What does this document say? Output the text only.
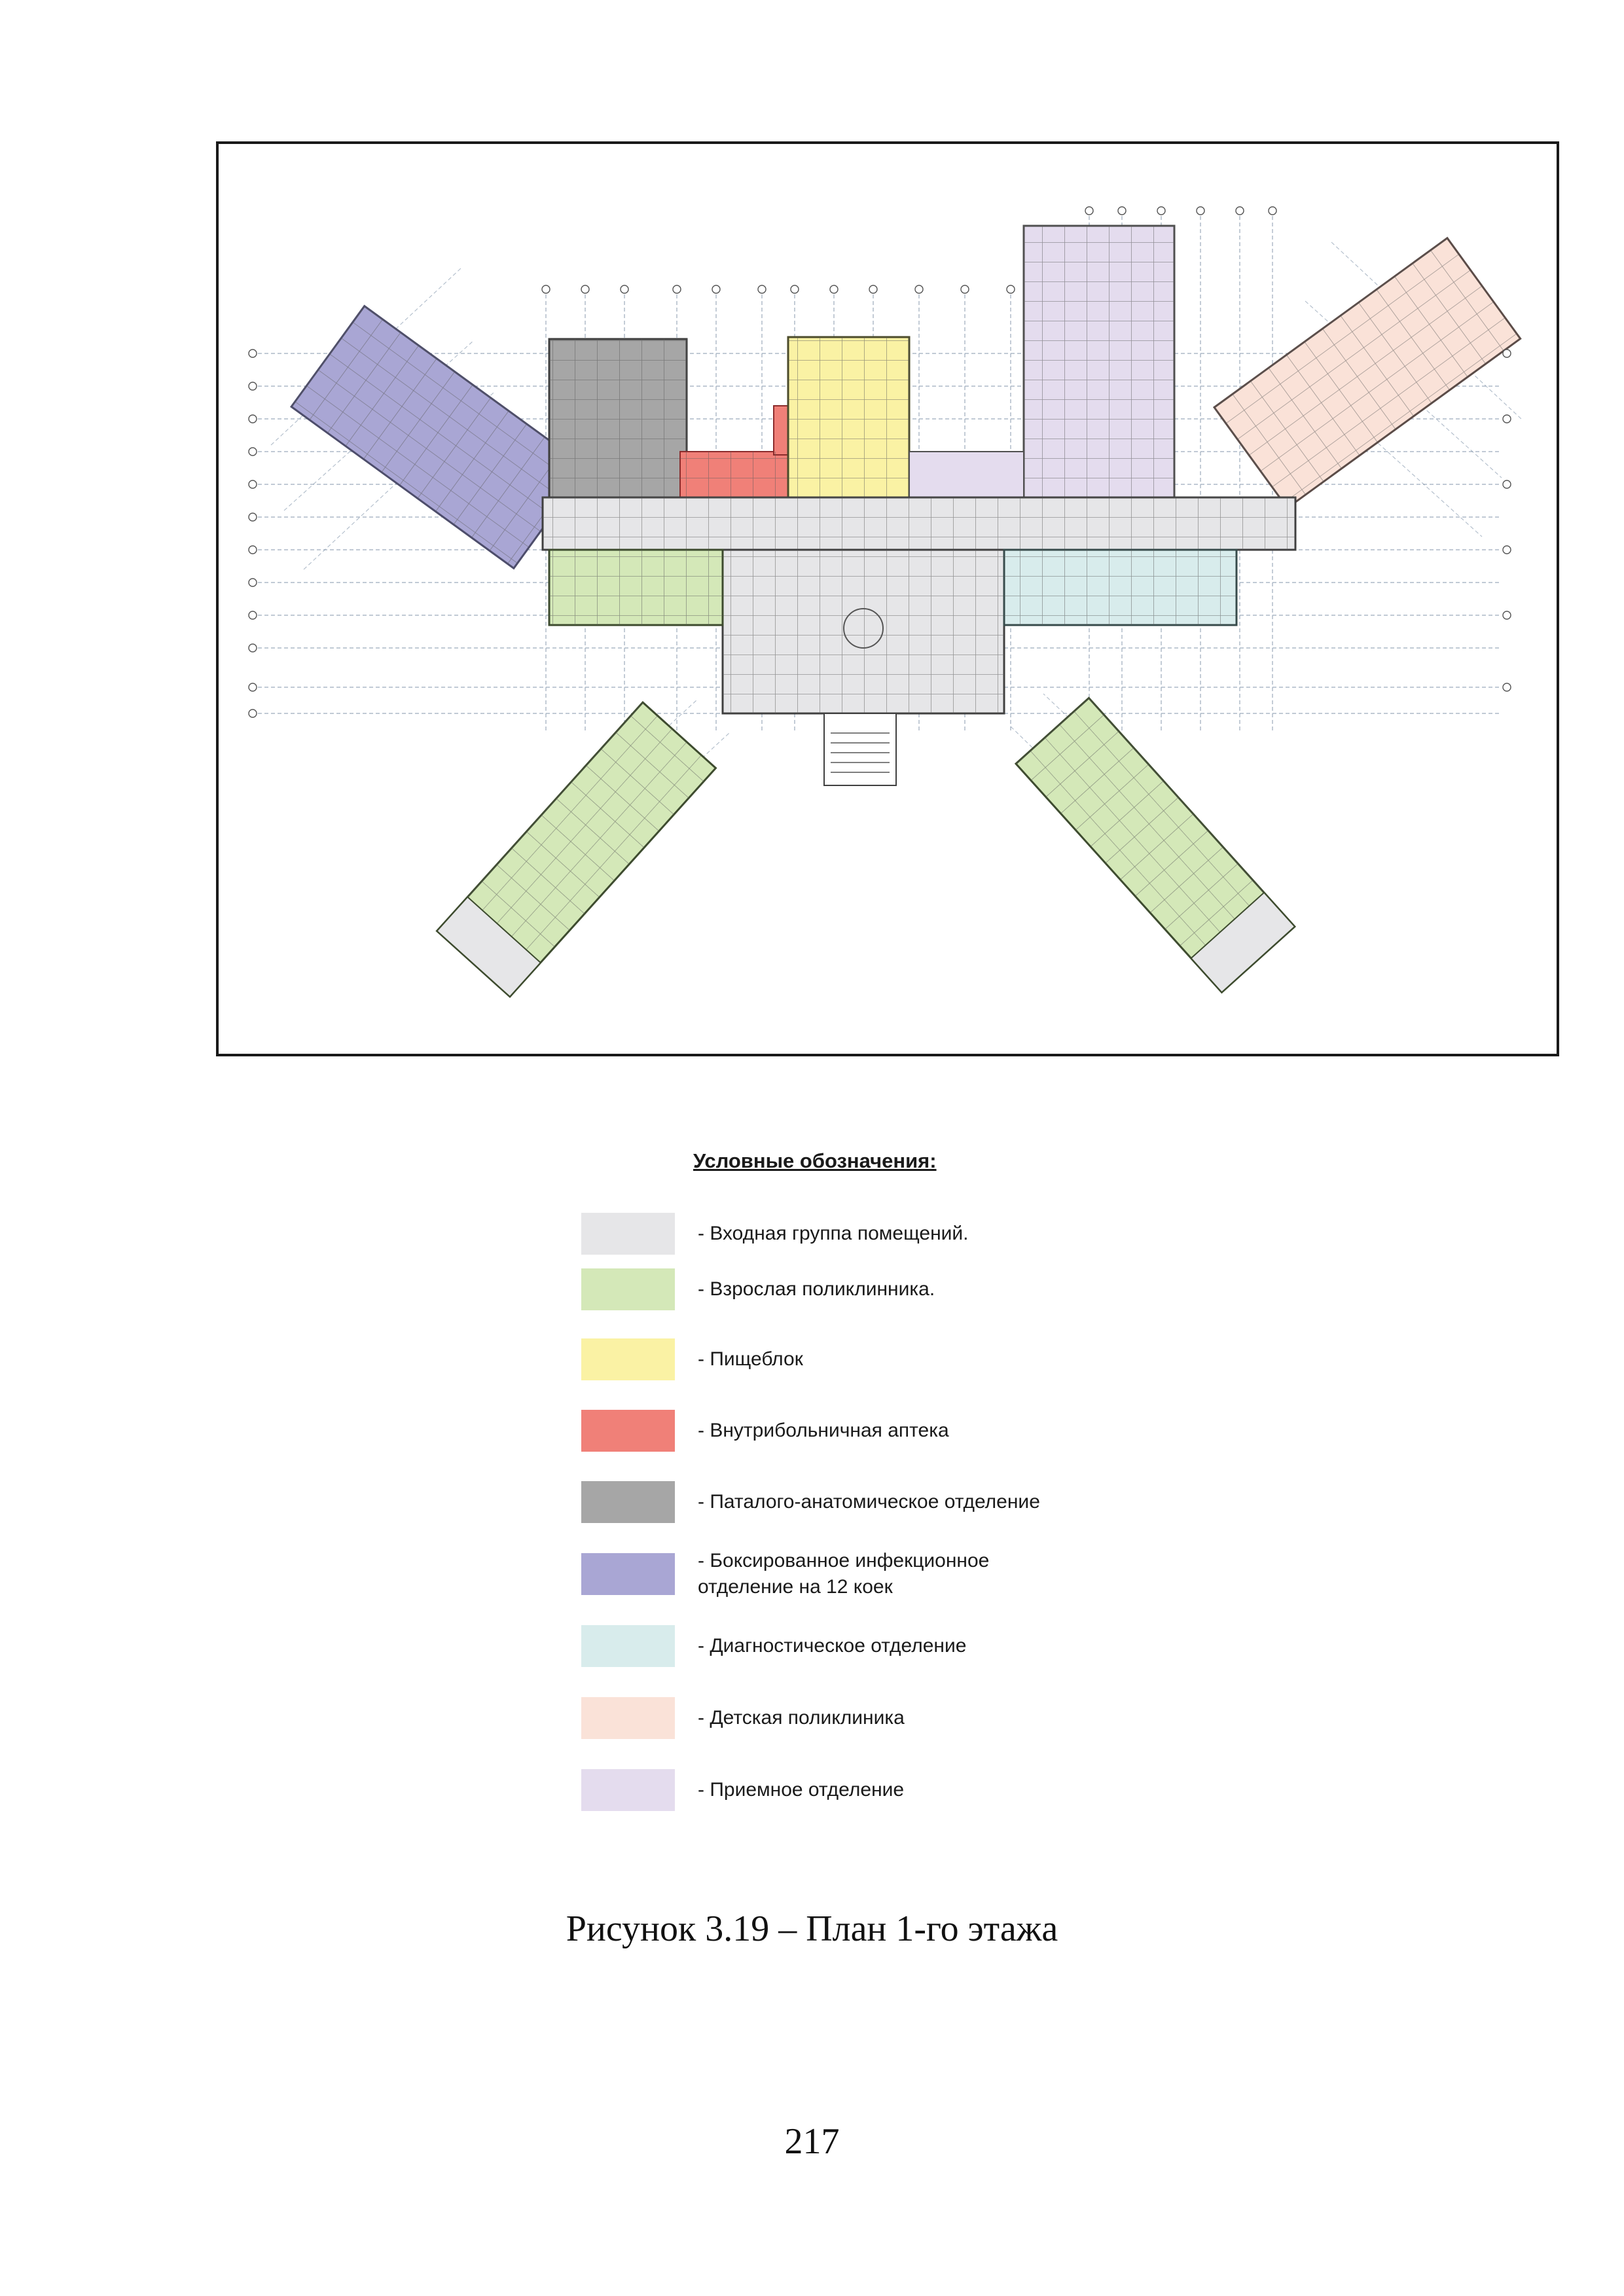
Условные обозначения:
- Входная группа помещений.
- Взрослая поликлинника.
- Пищеблок
- Внутрибольничная аптека
- Паталого-анатомическое отделение
- Боксированное инфекционное отделение на 12 коек
- Диагностическое отделение
- Детская поликлиника
- Приемное отделение
Рисунок 3.19 – План 1-го этажа
217
